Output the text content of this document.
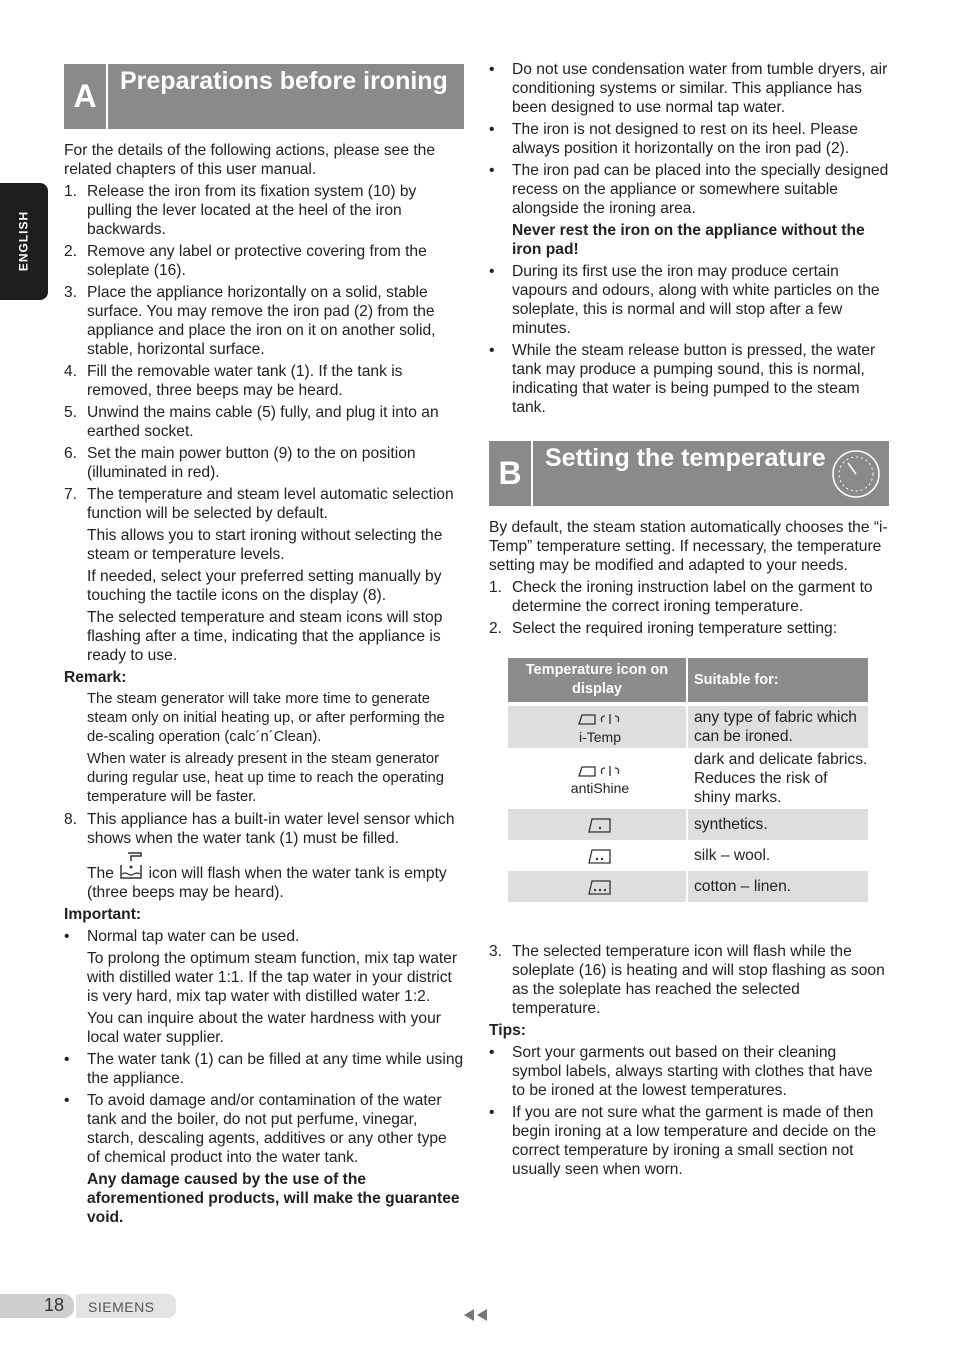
ENGLISH
A Preparations before ironing

For the details of the following actions, please see the related chapters of this user manual.

1. Release the iron from its fixation system (10) by pulling the lever located at the heel of the iron backwards.
2. Remove any label or protective covering from the soleplate (16).
3. Place the appliance horizontally on a solid, stable surface. You may remove the iron pad (2) from the appliance and place the iron on it on another solid, stable, horizontal surface.
4. Fill the removable water tank (1). If the tank is removed, three beeps may be heard.
5. Unwind the mains cable (5) fully, and plug it into an earthed socket.
6. Set the main power button (9) to the on position (illuminated in red).
7. The temperature and steam level automatic selection function will be selected by default.
This allows you to start ironing without selecting the steam or temperature levels.
If needed, select your preferred setting manually by touching the tactile icons on the display (8).
The selected temperature and steam icons will stop flashing after a time, indicating that the appliance is ready to use.

Remark:

The steam generator will take more time to generate steam only on initial heating up, or after performing the de-scaling operation (calc´n´Clean).
When water is already present in the steam generator during regular use, heat up time to reach the operating temperature will be faster.
8. This appliance has a built-in water level sensor which shows when the water tank (1) must be filled.
The icon will flash when the water tank is empty (three beeps may be heard).

Important:

• Normal tap water can be used.
To prolong the optimum steam function, mix tap water with distilled water 1:1. If the tap water in your district is very hard, mix tap water with distilled water 1:2.
You can inquire about the water hardness with your local water supplier.
• The water tank (1) can be filled at any time while using the appliance.
• To avoid damage and/or contamination of the water tank and the boiler, do not put perfume, vinegar, starch, descaling agents, additives or any other type of chemical product into the water tank.
Any damage caused by the use of the aforementioned products, will make the guarantee void.
• Do not use condensation water from tumble dryers, air conditioning systems or similar. This appliance has been designed to use normal tap water.
• The iron is not designed to rest on its heel. Please always position it horizontally on the iron pad (2).
• The iron pad can be placed into the specially designed recess on the appliance or somewhere suitable alongside the ironing area.
Never rest the iron on the appliance without the iron pad!
• During its first use the iron may produce certain vapours and odours, along with white particles on the soleplate, this is normal and will stop after a few minutes.
• While the steam release button is pressed, the water tank may produce a pumping sound, this is normal, indicating that water is being pumped to the steam tank.
B Setting the temperature

By default, the steam station automatically chooses the “i-Temp” temperature setting. If necessary, the temperature setting may be modified and adapted to your needs.

1. Check the ironing instruction label on the garment to determine the correct ironing temperature.
2. Select the required ironing temperature setting:
Temperature icon on display	Suitable for:

i-Temp	any type of fabric which can be ironed.

antiShine	dark and delicate fabrics. Reduces the risk of shiny marks.
	synthetics.
	silk – wool.
	cotton – linen.
3. The selected temperature icon will flash while the soleplate (16) is heating and will stop flashing as soon as the soleplate has reached the selected temperature.

Tips:

• Sort your garments out based on their cleaning symbol labels, always starting with clothes that have to be ironed at the lowest temperatures.
• If you are not sure what the garment is made of then begin ironing at a low temperature and decide on the correct temperature by ironing a small section not usually seen when worn.
18 SIEMENS
